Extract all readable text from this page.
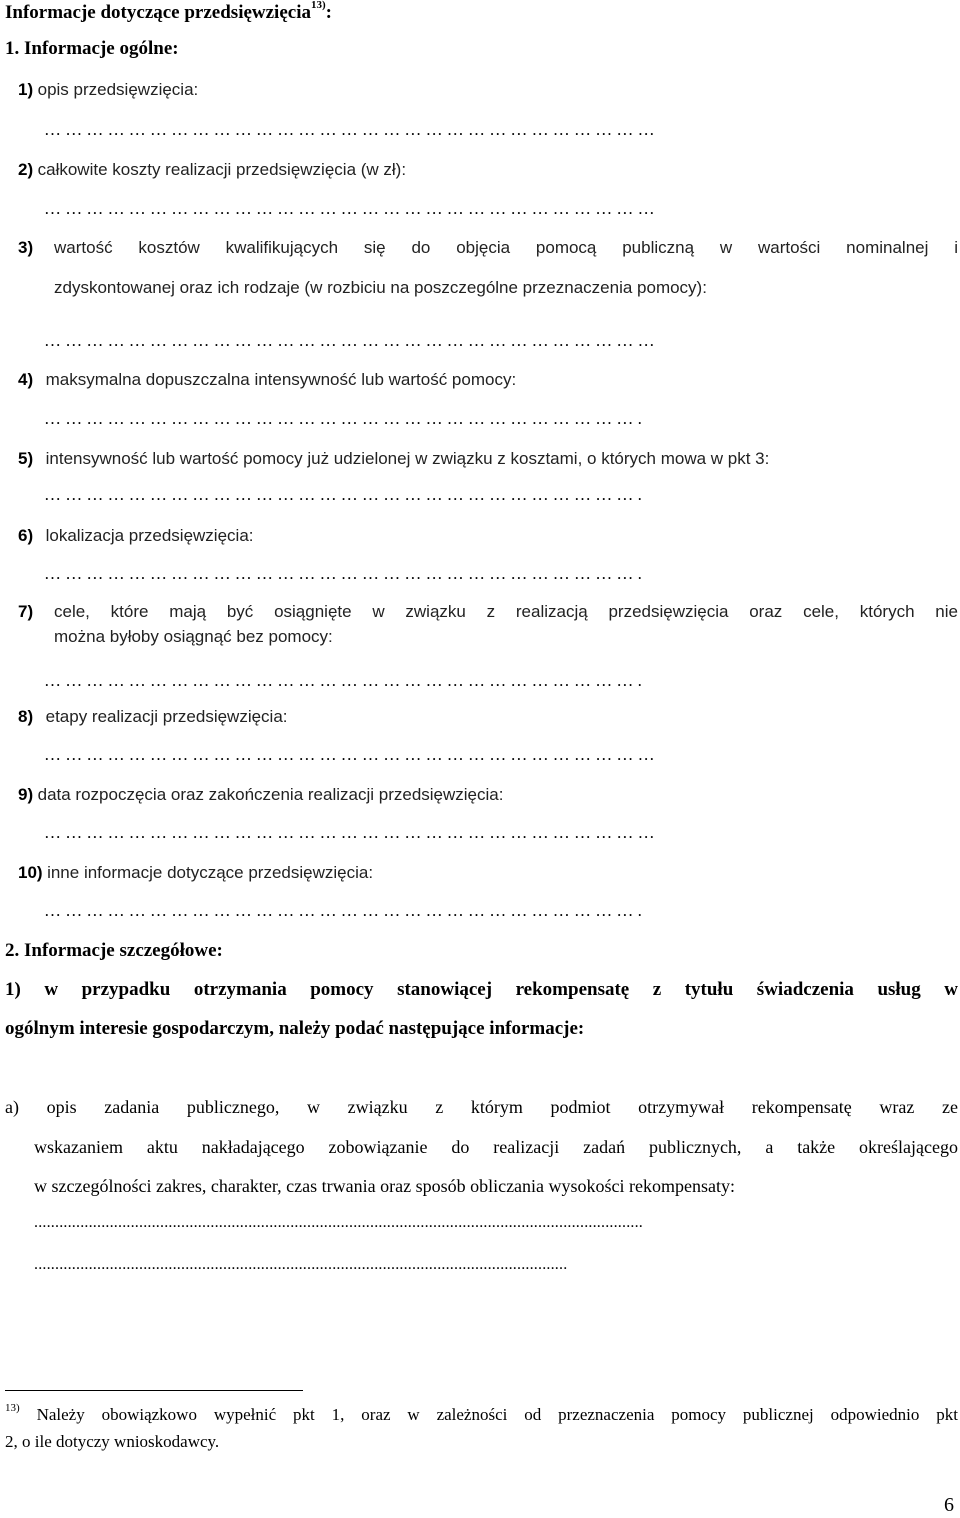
Informacje dotyczące przedsięwzięcia$^{13)}$:
1. Informacje ogólne:
1) opis przedsięwzięcia:
……………………………………………………………………………
2) całkowite koszty realizacji przedsięwzięcia (w zł):
……………………………………………………………………………
3) wartość kosztów kwalifikujących się do objęcia pomocą publiczną w wartości nominalnej i
zdyskontowanej oraz ich rodzaje (w rozbiciu na poszczególne przeznaczenia pomocy):
……………………………………………………………………………
4) maksymalna dopuszczalna intensywność lub wartość pomocy:
………………………………………………………………………….
5) intensywność lub wartość pomocy już udzielonej w związku z kosztami, o których mowa w pkt 3:
………………………………………………………………………….
6) lokalizacja przedsięwzięcia:
………………………………………………………………………….
7) cele, które mają być osiągnięte w związku z realizacją przedsięwzięcia oraz cele, których nie
można byłoby osiągnąć bez pomocy:
………………………………………………………………………….
8) etapy realizacji przedsięwzięcia:
……………………………………………………………………………
9) data rozpoczęcia oraz zakończenia realizacji przedsięwzięcia:
……………………………………………………………………………
10) inne informacje dotyczące przedsięwzięcia:
………………………………………………………………………….
2. Informacje szczegółowe:
1) w przypadku otrzymania pomocy stanowiącej rekompensatę z tytułu świadczenia usług w
ogólnym interesie gospodarczym, należy podać następujące informacje:
a) opis zadania publicznego, w związku z którym podmiot otrzymywał rekompensatę wraz ze
wskazaniem aktu nakładającego zobowiązanie do realizacji zadań publicznych, a także określającego
w szczególności zakres, charakter, czas trwania oraz sposób obliczania wysokości rekompensaty:
.................................................................................................................................................
...............................................................................................................................
$^{13)}$ Należy obowiązkowo wypełnić pkt 1, oraz w zależności od przeznaczenia pomocy publicznej odpowiednio pkt
2, o ile dotyczy wnioskodawcy.
6
